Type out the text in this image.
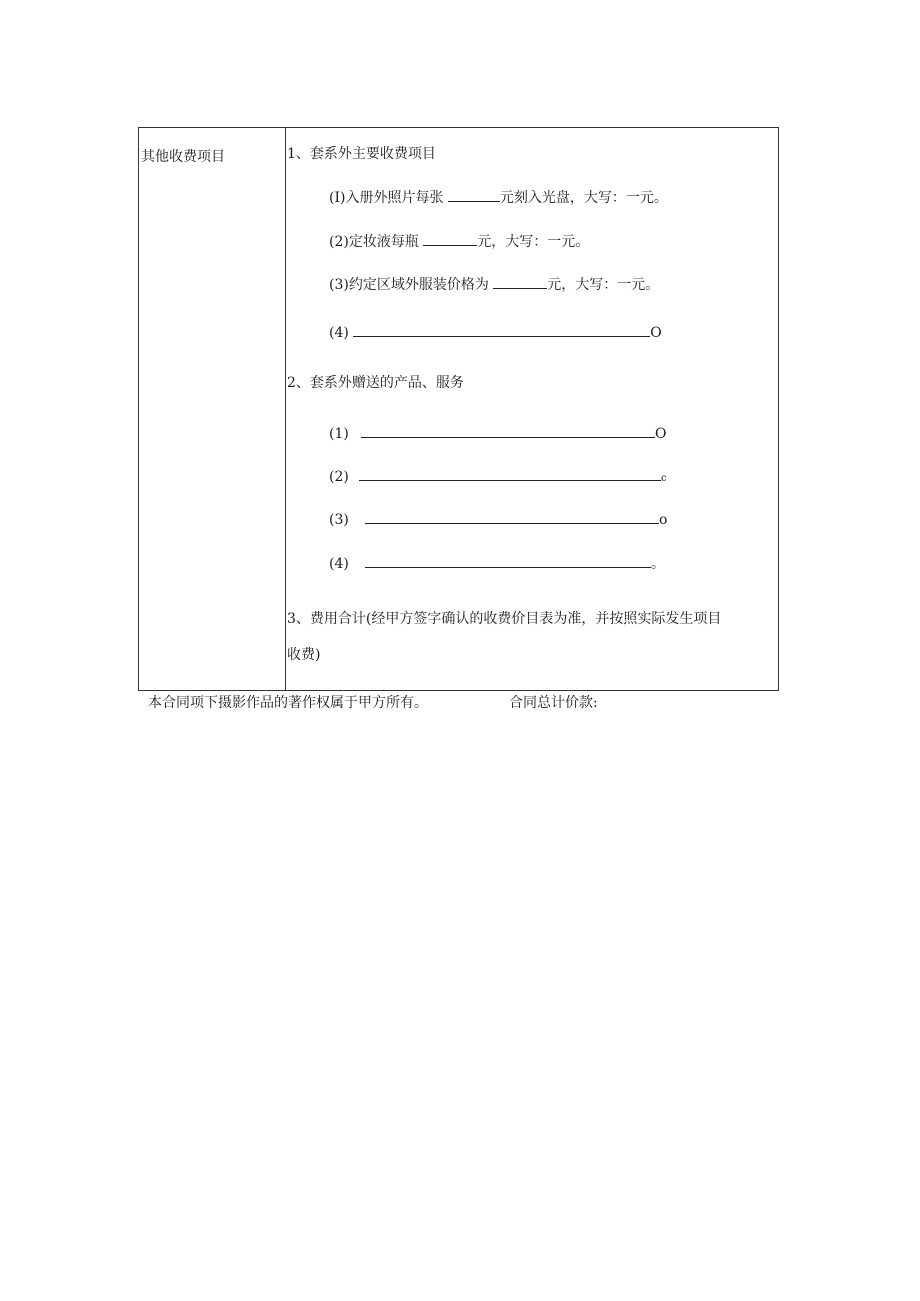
其他收费项目	1、套系外主要收费项目
(I)入册外照片每张	元刻入光盘，大写：一元。
(2)定妆液每瓶	元，大写：一元。
(3)约定区域外服装价格为	元，大写：一元。
(4)	O
2、套系外赠送的产品、服务
(1)	O
(2)	c
(3)	o
(4)	。
3、费用合计(经甲方签字确认的收费价目表为准，并按照实际发生项目
收费)
本合同项下摄影作品的著作权属于甲方所有。	合同总计价款:
